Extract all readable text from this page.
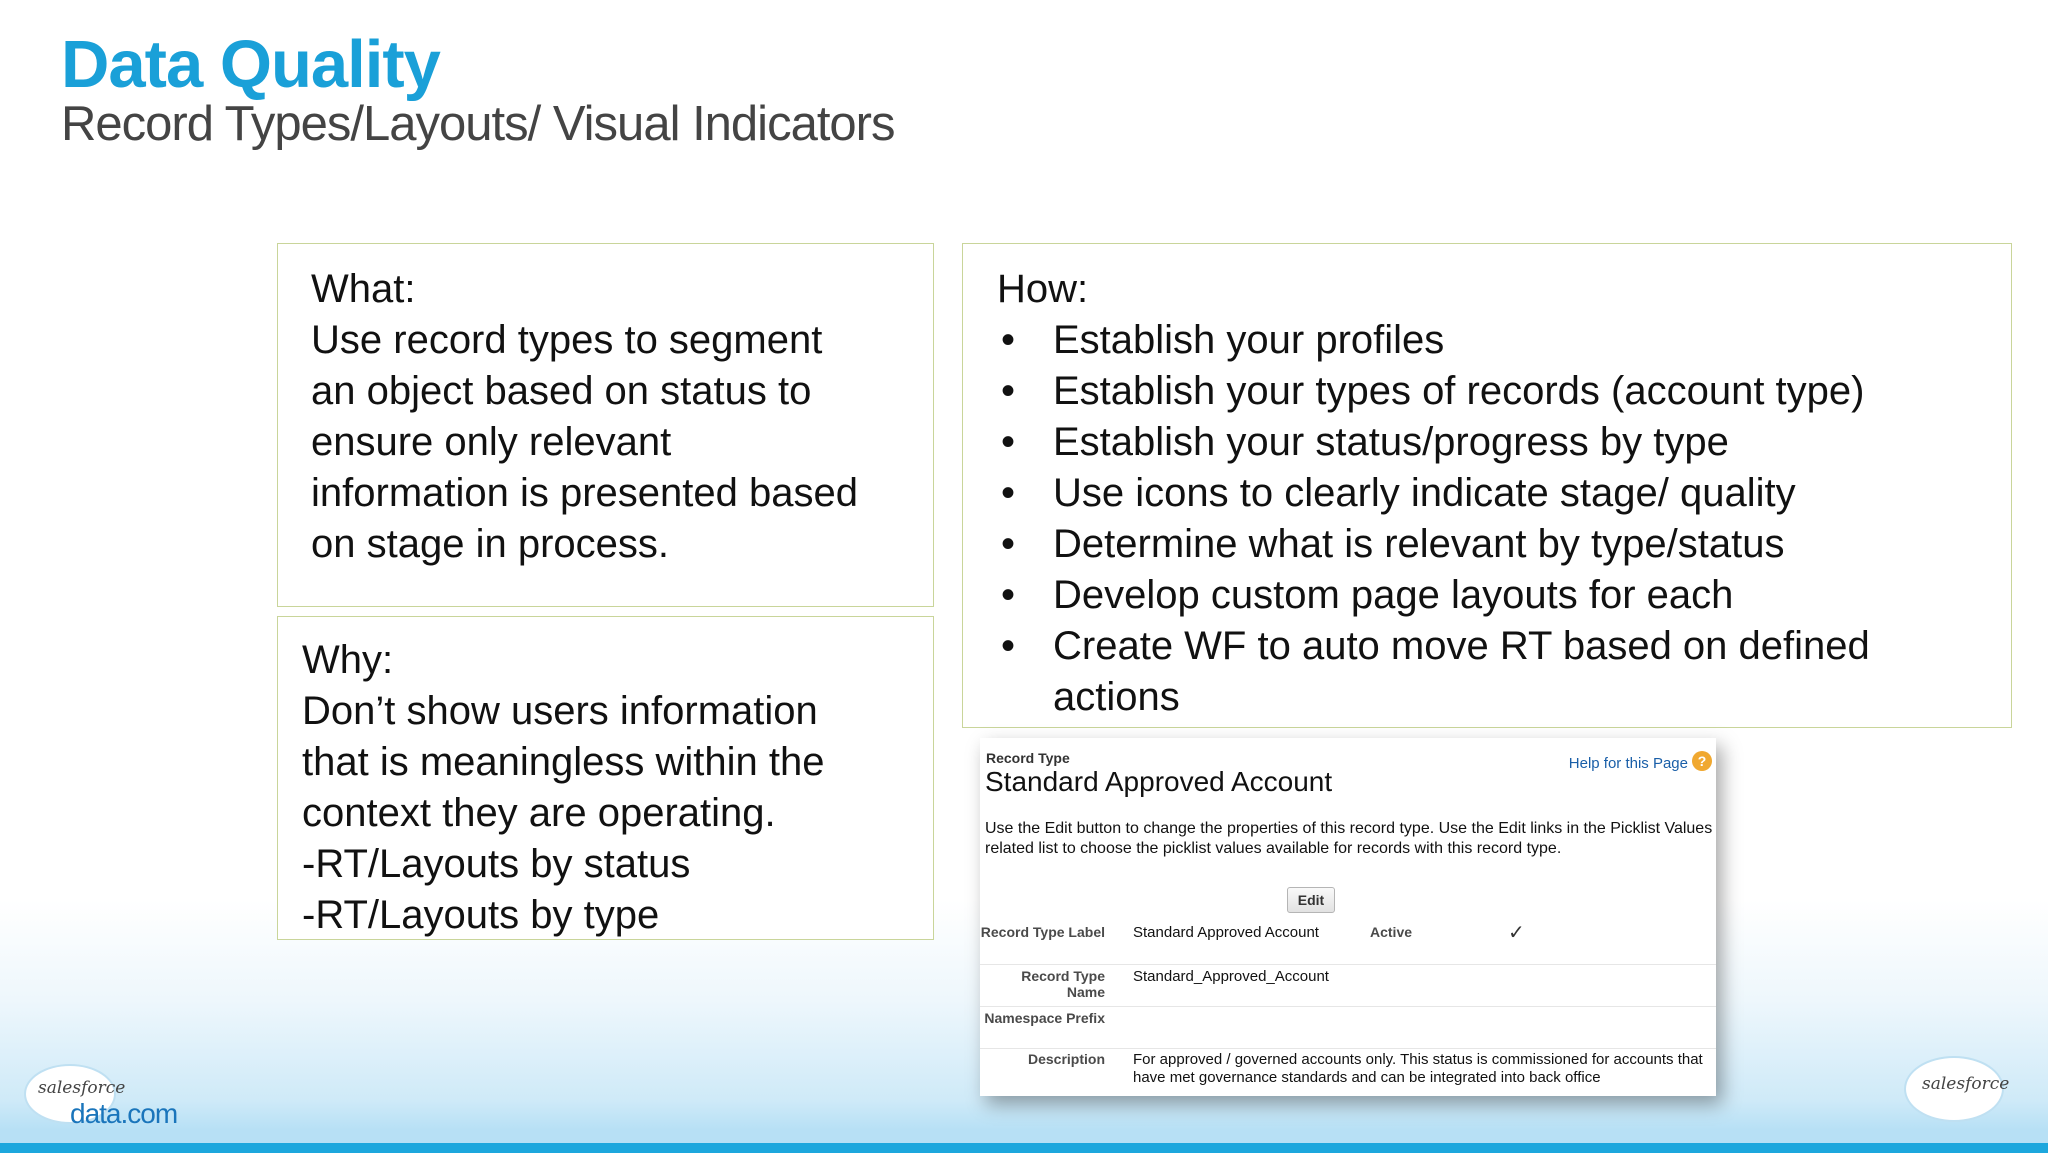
Data Quality
Record Types/Layouts/ Visual Indicators
What:
Use record types to segment
an object based on status to
ensure only relevant
information is presented based
on stage in process.
Why:
Don’t show users information
that is meaningless within the
context they are operating.
-RT/Layouts by status
-RT/Layouts by type
How:
• Establish your profiles
• Establish your types of records (account type)
• Establish your status/progress by type
• Use icons to clearly indicate stage/ quality
• Determine what is relevant by type/status
• Develop custom page layouts for each
• Create WF to auto move RT based on defined actions
Record Type
Standard Approved Account
Help for this Page ?
Use the Edit button to change the properties of this record type. Use the Edit links in the Picklist Values related list to choose the picklist values available for records with this record type.
Edit
Record Type Label Standard Approved Account	Active	✓
Record Type Name
Standard_Approved_Account
Namespace Prefix
Description For approved / governed accounts only. This status is commissioned for accounts that have met governance standards and can be integrated into back office
salesforce
data.com
salesforce
